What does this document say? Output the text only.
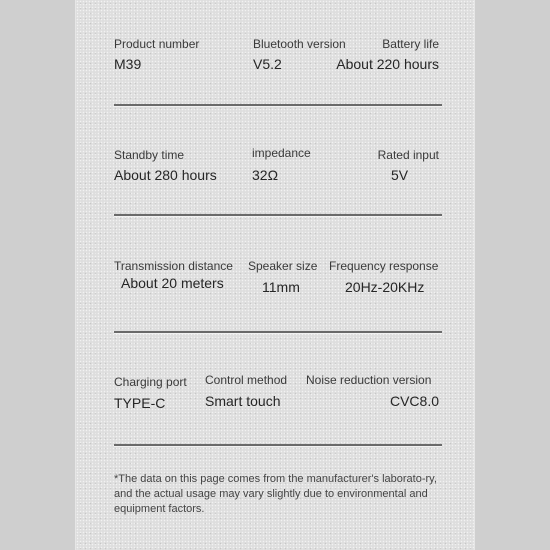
Product number
M39
Bluetooth version
V5.2
Battery life
About 220 hours
Standby time
About 280 hours
impedance
32Ω
Rated input
5V
Transmission distance
About 20 meters
Speaker size
11mm
Frequency response
20Hz-20KHz
Charging port
TYPE-C
Control method
Smart touch
Noise reduction version
CVC8.0
*The data on this page comes from the manufacturer's laborato-ry, and the actual usage may vary slightly due to environmental and equipment factors.
